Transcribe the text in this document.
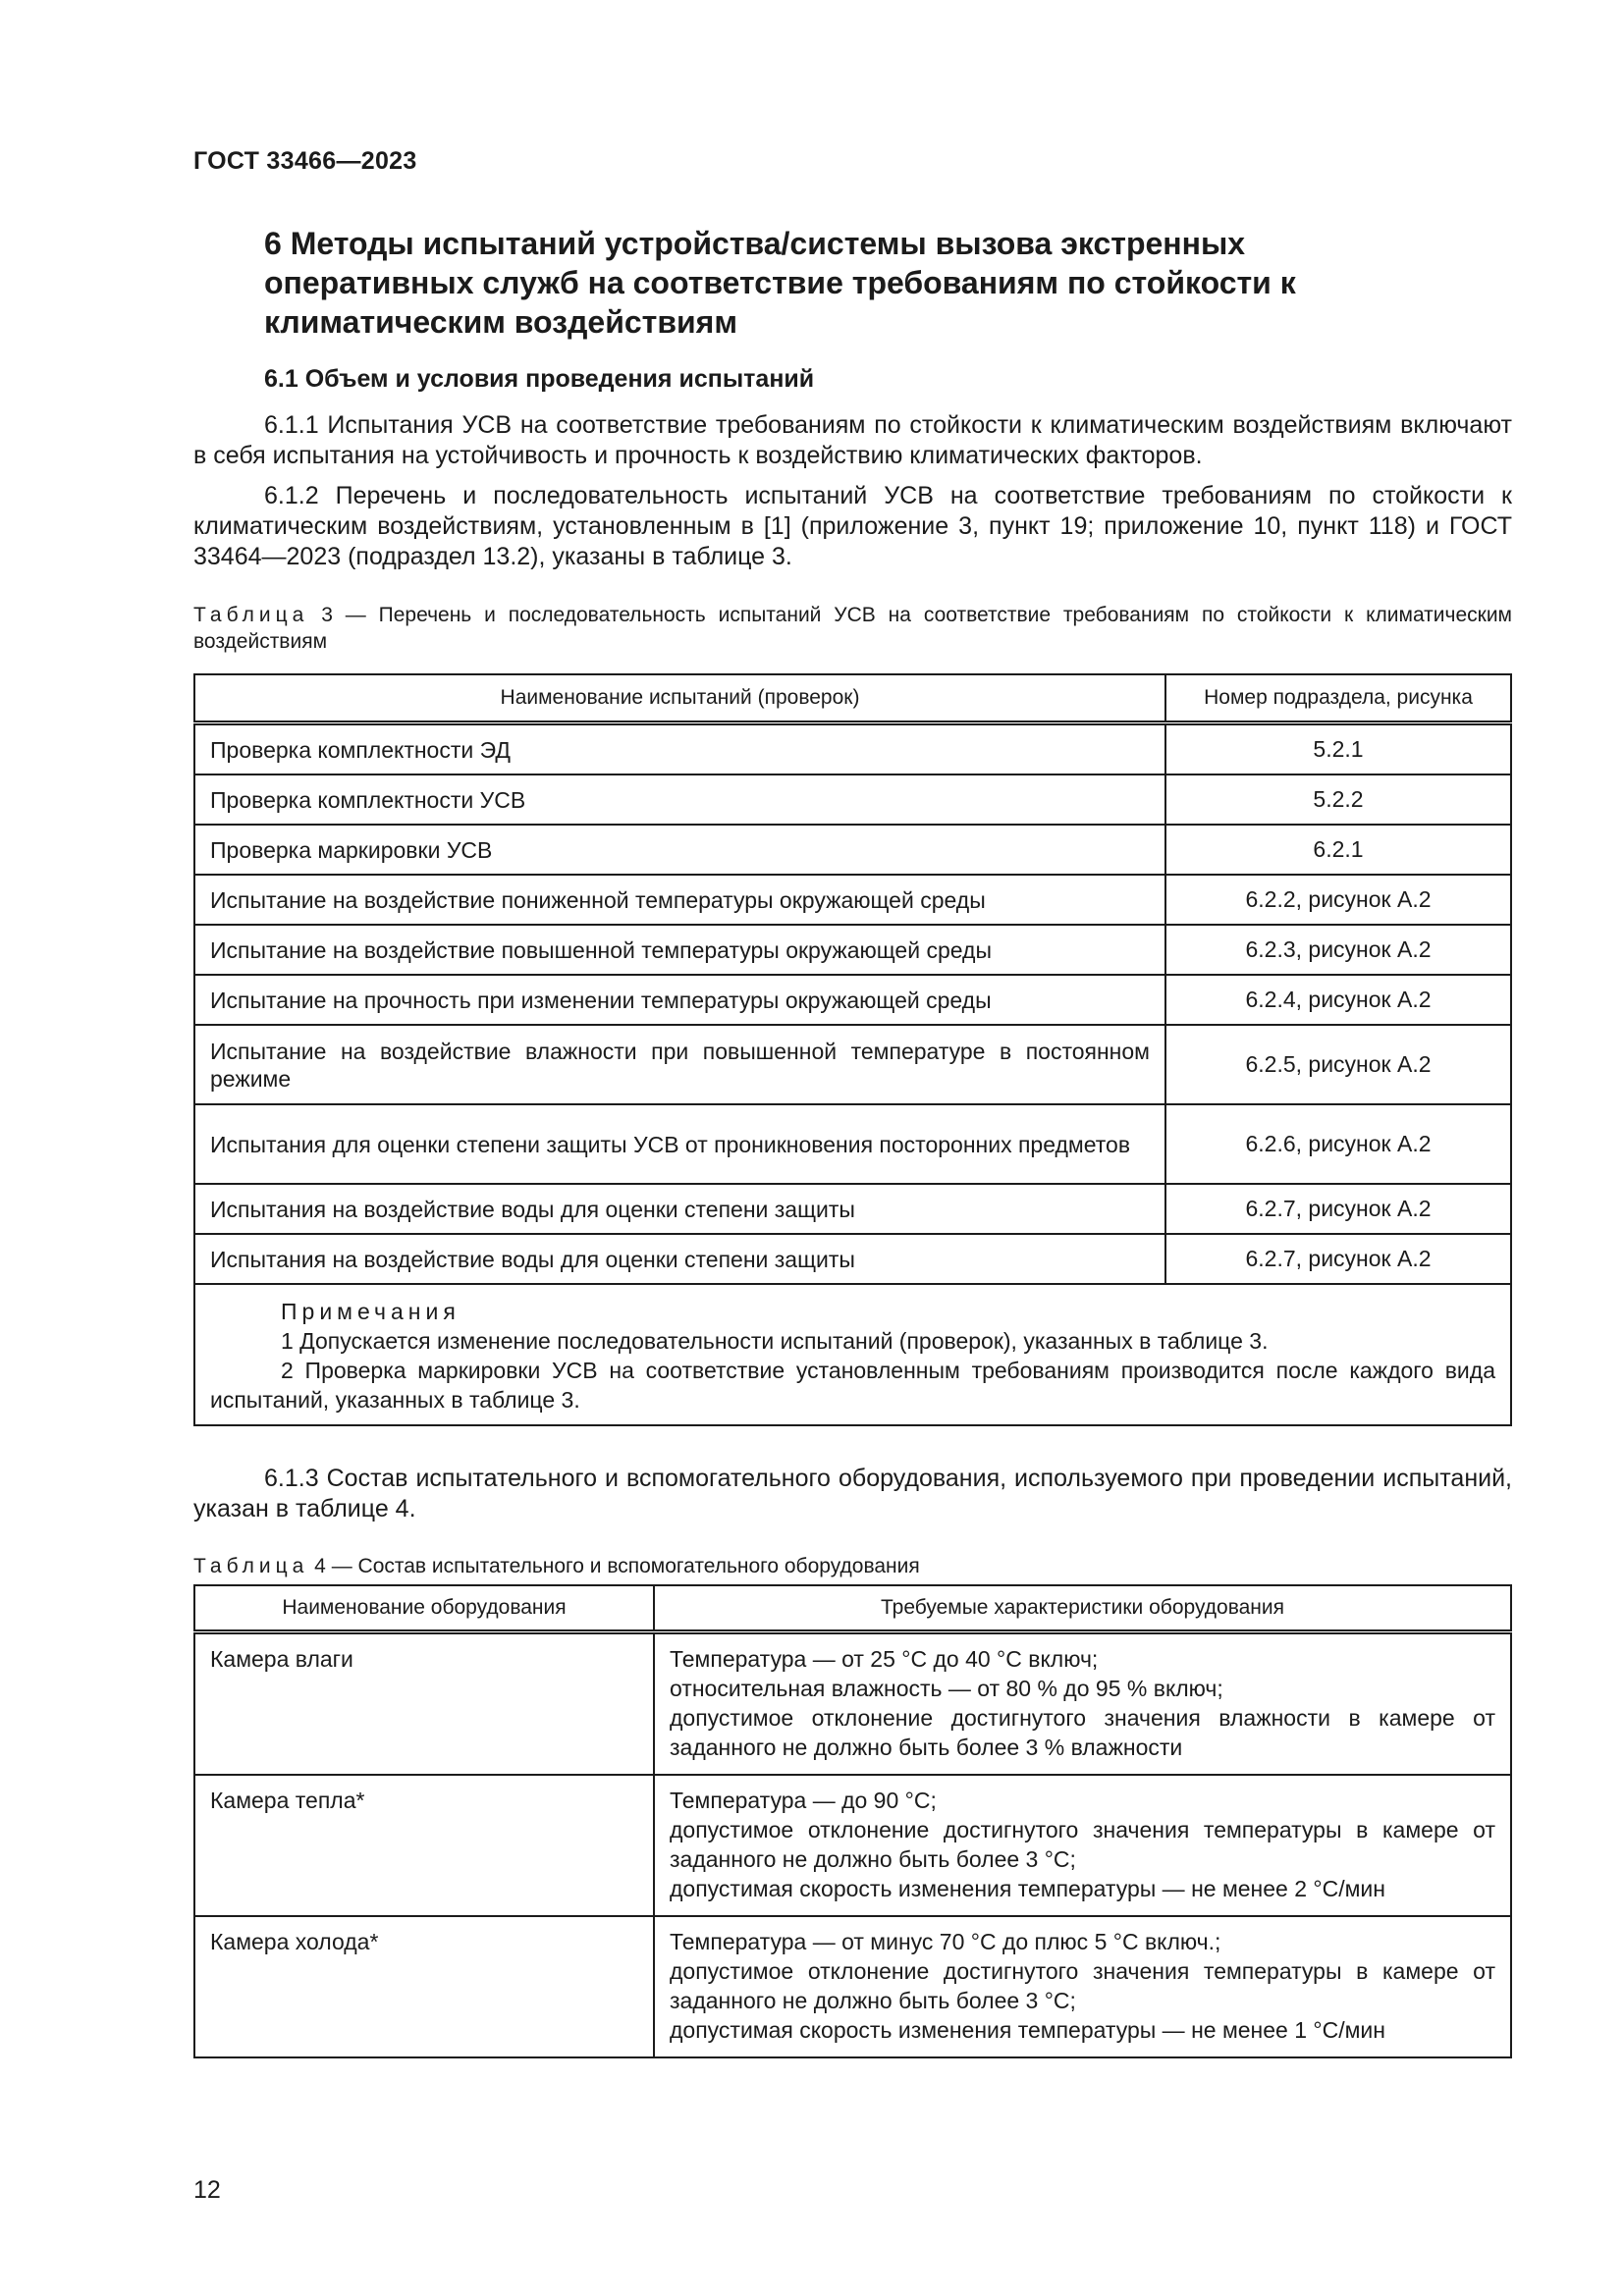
ГОСТ 33466—2023
6 Методы испытаний устройства/системы вызова экстренных оперативных служб на соответствие требованиям по стойкости к климатическим воздействиям
6.1 Объем и условия проведения испытаний
6.1.1 Испытания УСВ на соответствие требованиям по стойкости к климатическим воздействиям включают в себя испытания на устойчивость и прочность к воздействию климатических факторов.
6.1.2 Перечень и последовательность испытаний УСВ на соответствие требованиям по стойкости к климатическим воздействиям, установленным в [1] (приложение 3, пункт 19; приложение 10, пункт 118) и ГОСТ 33464—2023 (подраздел 13.2), указаны в таблице 3.
Таблица 3 — Перечень и последовательность испытаний УСВ на соответствие требованиям по стойкости к климатическим воздействиям
Наименование испытаний (проверок)	Номер подраздела, рисунка
Проверка комплектности ЭД	5.2.1
Проверка комплектности УСВ	5.2.2
Проверка маркировки УСВ	6.2.1
Испытание на воздействие пониженной температуры окружающей среды	6.2.2, рисунок А.2
Испытание на воздействие повышенной температуры окружающей среды	6.2.3, рисунок А.2
Испытание на прочность при изменении температуры окружающей среды	6.2.4, рисунок А.2
Испытание на воздействие влажности при повышенной температуре в постоянном режиме	6.2.5, рисунок А.2
Испытания для оценки степени защиты УСВ от проникновения посторонних предметов	6.2.6, рисунок А.2
Испытания на воздействие воды для оценки степени защиты	6.2.7, рисунок А.2
Испытания на воздействие воды для оценки степени защиты	6.2.7, рисунок А.2

Примечания
1 Допускается изменение последовательности испытаний (проверок), указанных в таблице 3.
2 Проверка маркировки УСВ на соответствие установленным требованиям производится после каждого вида испытаний, указанных в таблице 3.	
6.1.3 Состав испытательного и вспомогательного оборудования, используемого при проведении испытаний, указан в таблице 4.
Таблица 4 — Состав испытательного и вспомогательного оборудования
Наименование оборудования	Требуемые характеристики оборудования
Камера влаги	Температура — от 25 °С до 40 °С включ;
относительная влажность — от 80 % до 95 % включ;
допустимое отклонение достигнутого значения влажности в камере от заданного не должно быть более 3 % влажности

Камера тепла*	Температура — до 90 °С;
допустимое отклонение достигнутого значения температуры в камере от заданного не должно быть более 3 °С;
допустимая скорость изменения температуры — не менее 2 °С/мин

Камера холода*	Температура — от минус 70 °С до плюс 5 °С включ.;
допустимое отклонение достигнутого значения температуры в камере от заданного не должно быть более 3 °С;
допустимая скорость изменения температуры — не менее 1 °С/мин
12
